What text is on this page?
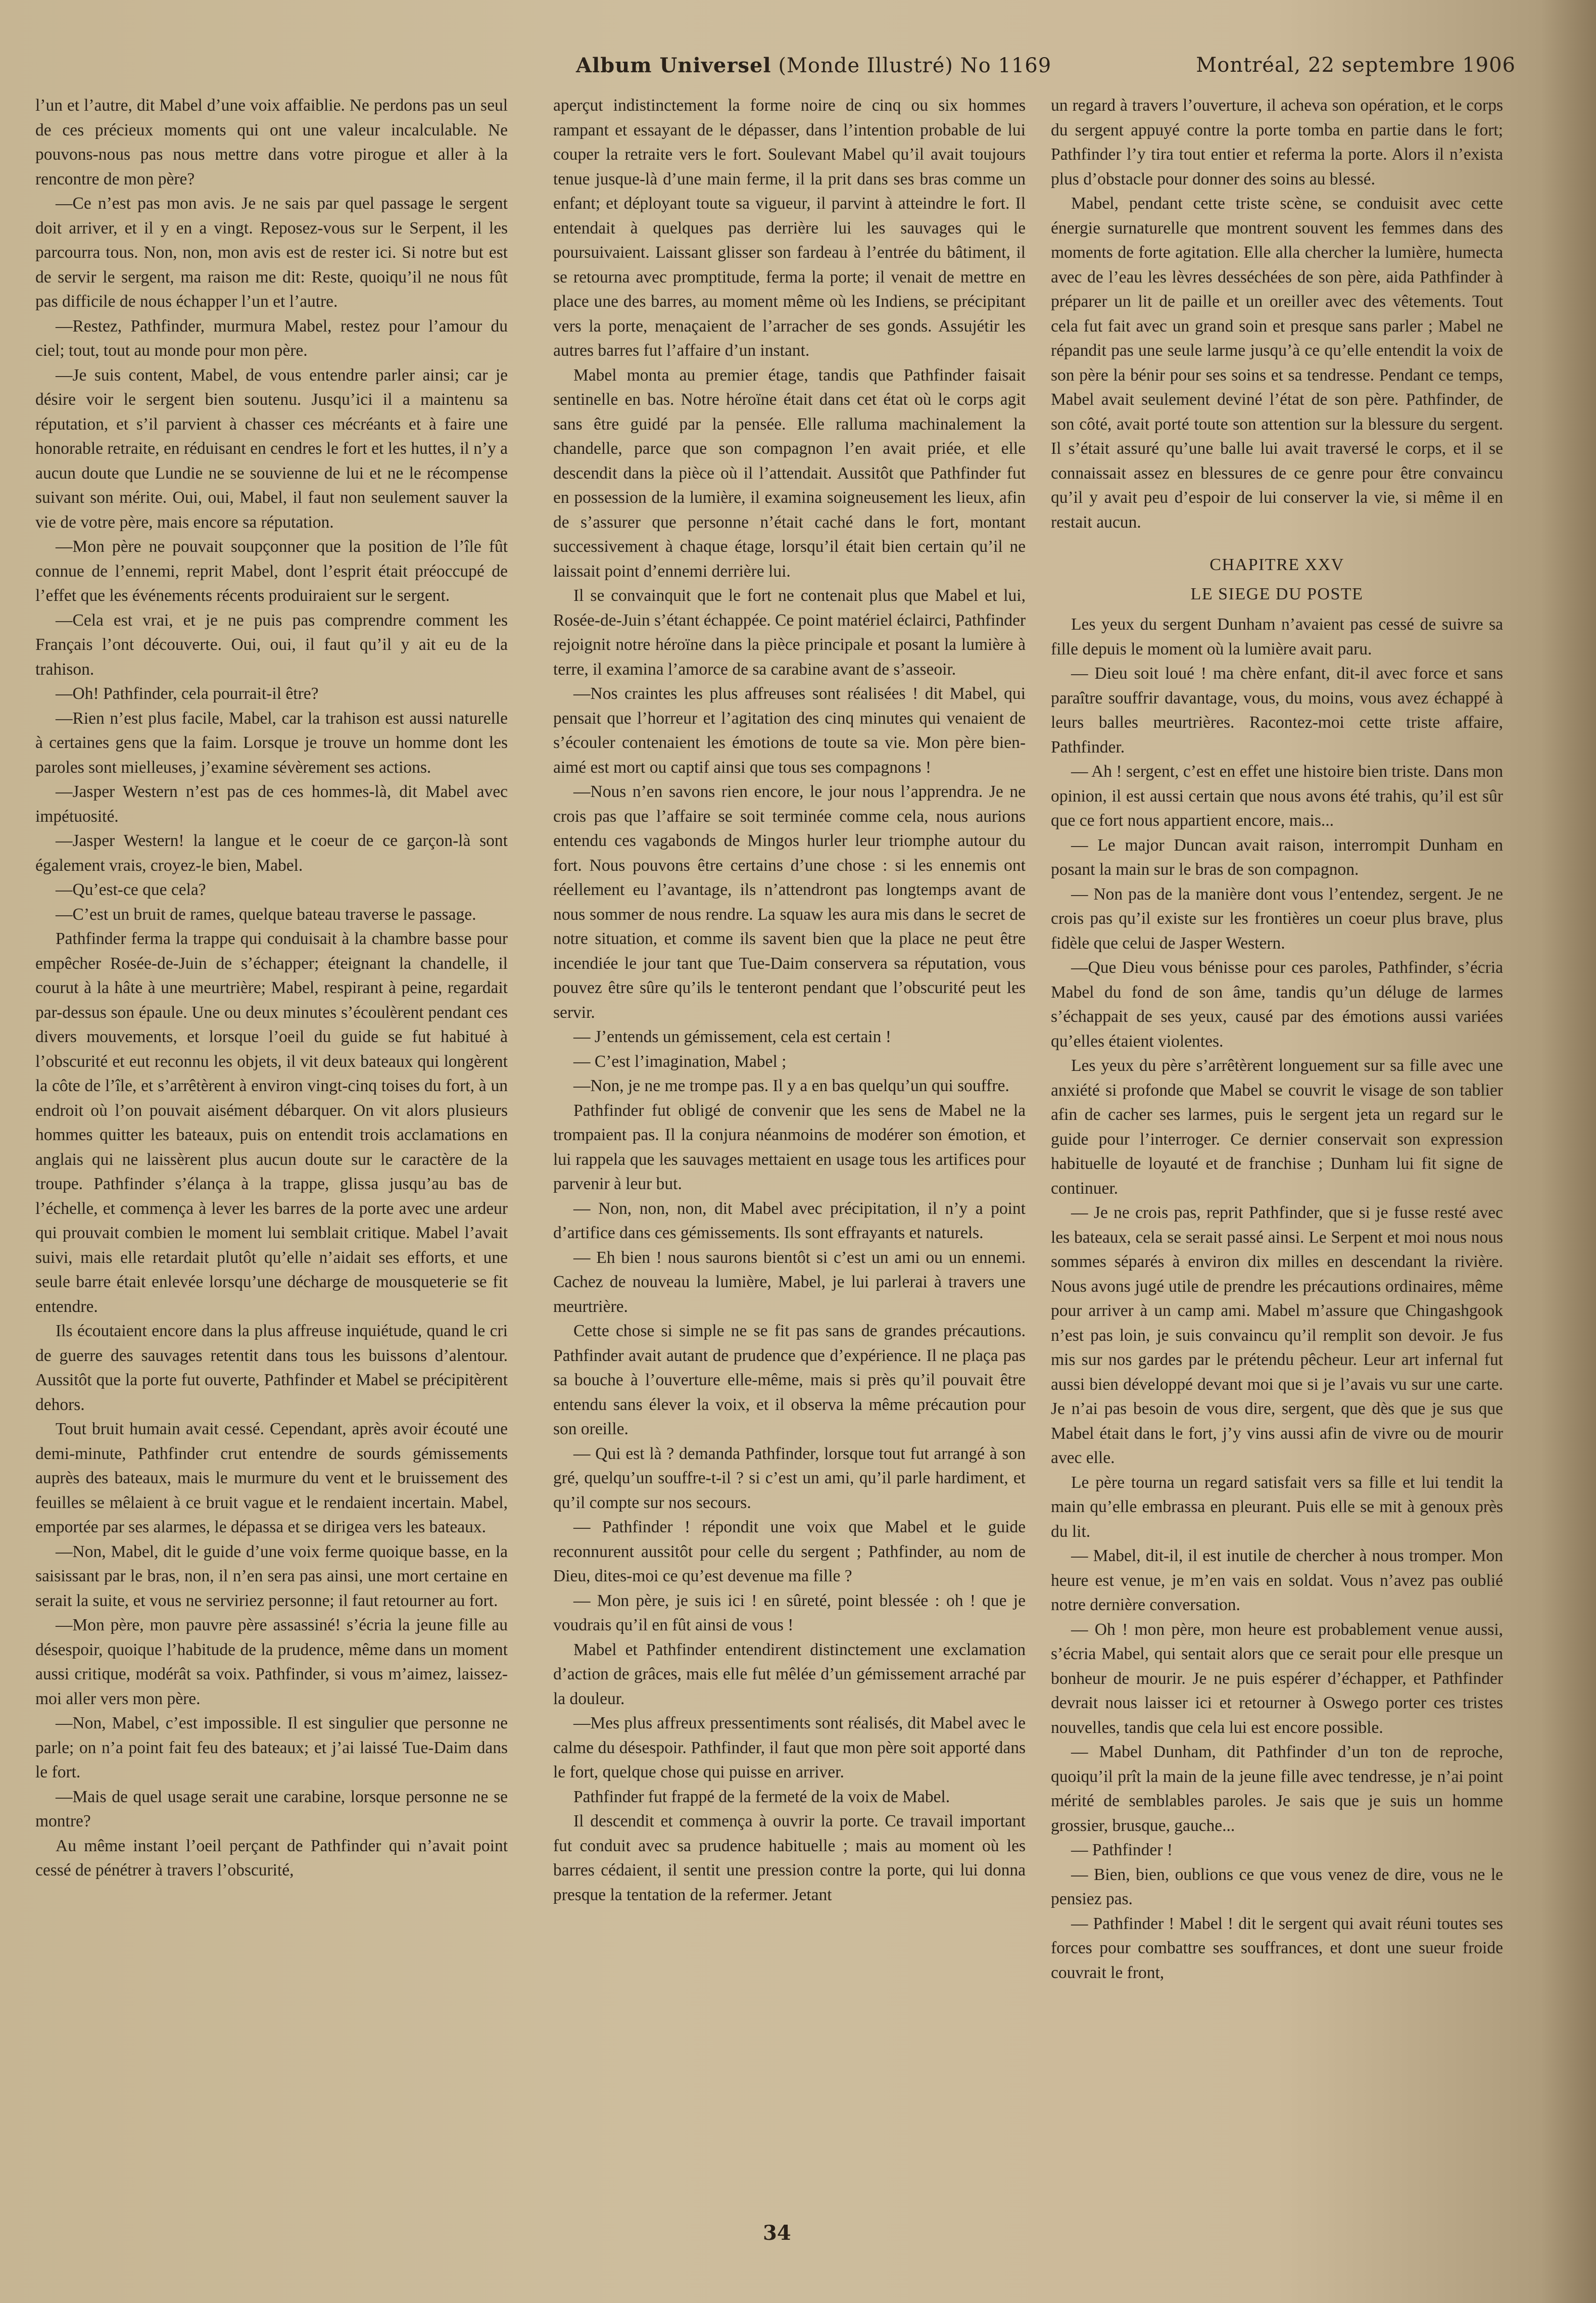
Album Universel (Monde Illustré) No 1169	Montréal, 22 septembre 1906

l’un et l’autre, dit Mabel d’une voix affaiblie. Ne perdons pas un seul de ces précieux moments qui ont une valeur incalculable. Ne pouvons-nous pas nous mettre dans votre pirogue et aller à la rencontre de mon père?

—Ce n’est pas mon avis. Je ne sais par quel passage le sergent doit arriver, et il y en a vingt. Reposez-vous sur le Serpent, il les parcourra tous. Non, non, mon avis est de rester ici. Si notre but est de servir le sergent, ma raison me dit: Reste, quoiqu’il ne nous fût pas difficile de nous échapper l’un et l’autre.

—Restez, Pathfinder, murmura Mabel, restez pour l’amour du ciel; tout, tout au monde pour mon père.

—Je suis content, Mabel, de vous entendre parler ainsi; car je désire voir le sergent bien soutenu. Jusqu’ici il a maintenu sa réputation, et s’il parvient à chasser ces mécréants et à faire une honorable retraite, en réduisant en cendres le fort et les huttes, il n’y a aucun doute que Lundie ne se souvienne de lui et ne le récompense suivant son mérite. Oui, oui, Mabel, il faut non seulement sauver la vie de votre père, mais encore sa réputation.

—Mon père ne pouvait soupçonner que la position de l’île fût connue de l’ennemi, reprit Mabel, dont l’esprit était préoccupé de l’effet que les événements récents produiraient sur le sergent.

—Cela est vrai, et je ne puis pas comprendre comment les Français l’ont découverte. Oui, oui, il faut qu’il y ait eu de la trahison.

—Oh! Pathfinder, cela pourrait-il être?

—Rien n’est plus facile, Mabel, car la trahison est aussi naturelle à certaines gens que la faim. Lorsque je trouve un homme dont les paroles sont mielleuses, j’examine sévèrement ses actions.

—Jasper Western n’est pas de ces hommes-là, dit Mabel avec impétuosité.

—Jasper Western! la langue et le coeur de ce garçon-là sont également vrais, croyez-le bien, Mabel.

—Qu’est-ce que cela?

—C’est un bruit de rames, quelque bateau traverse le passage.

Pathfinder ferma la trappe qui conduisait à la chambre basse pour empêcher Rosée-de-Juin de s’échapper; éteignant la chandelle, il courut à la hâte à une meurtrière; Mabel, respirant à peine, regardait par-dessus son épaule. Une ou deux minutes s’écoulèrent pendant ces divers mouvements, et lorsque l’oeil du guide se fut habitué à l’obscurité et eut reconnu les objets, il vit deux bateaux qui longèrent la côte de l’île, et s’arrêtèrent à environ vingt-cinq toises du fort, à un endroit où l’on pouvait aisément débarquer. On vit alors plusieurs hommes quitter les bateaux, puis on entendit trois acclamations en anglais qui ne laissèrent plus aucun doute sur le caractère de la troupe. Pathfinder s’élança à la trappe, glissa jusqu’au bas de l’échelle, et commença à lever les barres de la porte avec une ardeur qui prouvait combien le moment lui semblait critique. Mabel l’avait suivi, mais elle retardait plutôt qu’elle n’aidait ses efforts, et une seule barre était enlevée lorsqu’une décharge de mousqueterie se fit entendre.

Ils écoutaient encore dans la plus affreuse inquiétude, quand le cri de guerre des sauvages retentit dans tous les buissons d’alentour. Aussitôt que la porte fut ouverte, Pathfinder et Mabel se précipitèrent dehors.

Tout bruit humain avait cessé. Cependant, après avoir écouté une demi-minute, Pathfinder crut entendre de sourds gémissements auprès des bateaux, mais le murmure du vent et le bruissement des feuilles se mêlaient à ce bruit vague et le rendaient incertain. Mabel, emportée par ses alarmes, le dépassa et se dirigea vers les bateaux.

—Non, Mabel, dit le guide d’une voix ferme quoique basse, en la saisissant par le bras, non, il n’en sera pas ainsi, une mort certaine en serait la suite, et vous ne serviriez personne; il faut retourner au fort.

—Mon père, mon pauvre père assassiné! s’écria la jeune fille au désespoir, quoique l’habitude de la prudence, même dans un moment aussi critique, modérât sa voix. Pathfinder, si vous m’aimez, laissez-moi aller vers mon père.

—Non, Mabel, c’est impossible. Il est singulier que personne ne parle; on n’a point fait feu des bateaux; et j’ai laissé Tue-Daim dans le fort.

—Mais de quel usage serait une carabine, lorsque personne ne se montre?

Au même instant l’oeil perçant de Pathfinder qui n’avait point cessé de pénétrer à travers l’obscurité,

aperçut indistinctement la forme noire de cinq ou six hommes rampant et essayant de le dépasser, dans l’intention probable de lui couper la retraite vers le fort. Soulevant Mabel qu’il avait toujours tenue jusque-là d’une main ferme, il la prit dans ses bras comme un enfant; et déployant toute sa vigueur, il parvint à atteindre le fort. Il entendait à quelques pas derrière lui les sauvages qui le poursuivaient. Laissant glisser son fardeau à l’entrée du bâtiment, il se retourna avec promptitude, ferma la porte; il venait de mettre en place une des barres, au moment même où les Indiens, se précipitant vers la porte, menaçaient de l’arracher de ses gonds. Assujétir les autres barres fut l’affaire d’un instant.

Mabel monta au premier étage, tandis que Pathfinder faisait sentinelle en bas. Notre héroïne était dans cet état où le corps agit sans être guidé par la pensée. Elle ralluma machinalement la chandelle, parce que son compagnon l’en avait priée, et elle descendit dans la pièce où il l’attendait. Aussitôt que Pathfinder fut en possession de la lumière, il examina soigneusement les lieux, afin de s’assurer que personne n’était caché dans le fort, montant successivement à chaque étage, lorsqu’il était bien certain qu’il ne laissait point d’ennemi derrière lui.

Il se convainquit que le fort ne contenait plus que Mabel et lui, Rosée-de-Juin s’étant échappée. Ce point matériel éclairci, Pathfinder rejoignit notre héroïne dans la pièce principale et posant la lumière à terre, il examina l’amorce de sa carabine avant de s’asseoir.

—Nos craintes les plus affreuses sont réalisées ! dit Mabel, qui pensait que l’horreur et l’agitation des cinq minutes qui venaient de s’écouler contenaient les émotions de toute sa vie. Mon père bien-aimé est mort ou captif ainsi que tous ses compagnons !

—Nous n’en savons rien encore, le jour nous l’apprendra. Je ne crois pas que l’affaire se soit terminée comme cela, nous aurions entendu ces vagabonds de Mingos hurler leur triomphe autour du fort. Nous pouvons être certains d’une chose : si les ennemis ont réellement eu l’avantage, ils n’attendront pas longtemps avant de nous sommer de nous rendre. La squaw les aura mis dans le secret de notre situation, et comme ils savent bien que la place ne peut être incendiée le jour tant que Tue-Daim conservera sa réputation, vous pouvez être sûre qu’ils le tenteront pendant que l’obscurité peut les servir.

— J’entends un gémissement, cela est certain !

— C’est l’imagination, Mabel ;

—Non, je ne me trompe pas. Il y a en bas quelqu’un qui souffre.

Pathfinder fut obligé de convenir que les sens de Mabel ne la trompaient pas. Il la conjura néanmoins de modérer son émotion, et lui rappela que les sauvages mettaient en usage tous les artifices pour parvenir à leur but.

— Non, non, non, dit Mabel avec précipitation, il n’y a point d’artifice dans ces gémissements. Ils sont effrayants et naturels.

— Eh bien ! nous saurons bientôt si c’est un ami ou un ennemi. Cachez de nouveau la lumière, Mabel, je lui parlerai à travers une meurtrière.

Cette chose si simple ne se fit pas sans de grandes précautions. Pathfinder avait autant de prudence que d’expérience. Il ne plaça pas sa bouche à l’ouverture elle-même, mais si près qu’il pouvait être entendu sans élever la voix, et il observa la même précaution pour son oreille.

— Qui est là ? demanda Pathfinder, lorsque tout fut arrangé à son gré, quelqu’un souffre-t-il ? si c’est un ami, qu’il parle hardiment, et qu’il compte sur nos secours.

— Pathfinder ! répondit une voix que Mabel et le guide reconnurent aussitôt pour celle du sergent ; Pathfinder, au nom de Dieu, dites-moi ce qu’est devenue ma fille ?

— Mon père, je suis ici ! en sûreté, point blessée : oh ! que je voudrais qu’il en fût ainsi de vous !

Mabel et Pathfinder entendirent distinctement une exclamation d’action de grâces, mais elle fut mêlée d’un gémissement arraché par la douleur.

—Mes plus affreux pressentiments sont réalisés, dit Mabel avec le calme du désespoir. Pathfinder, il faut que mon père soit apporté dans le fort, quelque chose qui puisse en arriver.

Pathfinder fut frappé de la fermeté de la voix de Mabel.

Il descendit et commença à ouvrir la porte. Ce travail important fut conduit avec sa prudence habituelle ; mais au moment où les barres cédaient, il sentit une pression contre la porte, qui lui donna presque la tentation de la refermer. Jetant

un regard à travers l’ouverture, il acheva son opération, et le corps du sergent appuyé contre la porte tomba en partie dans le fort; Pathfinder l’y tira tout entier et referma la porte. Alors il n’exista plus d’obstacle pour donner des soins au blessé.

Mabel, pendant cette triste scène, se conduisit avec cette énergie surnaturelle que montrent souvent les femmes dans des moments de forte agitation. Elle alla chercher la lumière, humecta avec de l’eau les lèvres desséchées de son père, aida Pathfinder à préparer un lit de paille et un oreiller avec des vêtements. Tout cela fut fait avec un grand soin et presque sans parler ; Mabel ne répandit pas une seule larme jusqu’à ce qu’elle entendit la voix de son père la bénir pour ses soins et sa tendresse. Pendant ce temps, Mabel avait seulement deviné l’état de son père. Pathfinder, de son côté, avait porté toute son attention sur la blessure du sergent. Il s’était assuré qu’une balle lui avait traversé le corps, et il se connaissait assez en blessures de ce genre pour être convaincu qu’il y avait peu d’espoir de lui conserver la vie, si même il en restait aucun.

CHAPITRE XXV
LE SIEGE DU POSTE

Les yeux du sergent Dunham n’avaient pas cessé de suivre sa fille depuis le moment où la lumière avait paru.

— Dieu soit loué ! ma chère enfant, dit-il avec force et sans paraître souffrir davantage, vous, du moins, vous avez échappé à leurs balles meurtrières. Racontez-moi cette triste affaire, Pathfinder.

— Ah ! sergent, c’est en effet une histoire bien triste. Dans mon opinion, il est aussi certain que nous avons été trahis, qu’il est sûr que ce fort nous appartient encore, mais...

— Le major Duncan avait raison, interrompit Dunham en posant la main sur le bras de son compagnon.

— Non pas de la manière dont vous l’entendez, sergent. Je ne crois pas qu’il existe sur les frontières un coeur plus brave, plus fidèle que celui de Jasper Western.

—Que Dieu vous bénisse pour ces paroles, Pathfinder, s’écria Mabel du fond de son âme, tandis qu’un déluge de larmes s’échappait de ses yeux, causé par des émotions aussi variées qu’elles étaient violentes.

Les yeux du père s’arrêtèrent longuement sur sa fille avec une anxiété si profonde que Mabel se couvrit le visage de son tablier afin de cacher ses larmes, puis le sergent jeta un regard sur le guide pour l’interroger. Ce dernier conservait son expression habituelle de loyauté et de franchise ; Dunham lui fit signe de continuer.

— Je ne crois pas, reprit Pathfinder, que si je fusse resté avec les bateaux, cela se serait passé ainsi. Le Serpent et moi nous nous sommes séparés à environ dix milles en descendant la rivière. Nous avons jugé utile de prendre les précautions ordinaires, même pour arriver à un camp ami. Mabel m’assure que Chingashgook n’est pas loin, je suis convaincu qu’il remplit son devoir. Je fus mis sur nos gardes par le prétendu pêcheur. Leur art infernal fut aussi bien développé devant moi que si je l’avais vu sur une carte. Je n’ai pas besoin de vous dire, sergent, que dès que je sus que Mabel était dans le fort, j’y vins aussi afin de vivre ou de mourir avec elle.

Le père tourna un regard satisfait vers sa fille et lui tendit la main qu’elle embrassa en pleurant. Puis elle se mit à genoux près du lit.

— Mabel, dit-il, il est inutile de chercher à nous tromper. Mon heure est venue, je m’en vais en soldat. Vous n’avez pas oublié notre dernière conversation.

— Oh ! mon père, mon heure est probablement venue aussi, s’écria Mabel, qui sentait alors que ce serait pour elle presque un bonheur de mourir. Je ne puis espérer d’échapper, et Pathfinder devrait nous laisser ici et retourner à Oswego porter ces tristes nouvelles, tandis que cela lui est encore possible.

— Mabel Dunham, dit Pathfinder d’un ton de reproche, quoiqu’il prît la main de la jeune fille avec tendresse, je n’ai point mérité de semblables paroles. Je sais que je suis un homme grossier, brusque, gauche...

— Pathfinder !

— Bien, bien, oublions ce que vous venez de dire, vous ne le pensiez pas.

— Pathfinder ! Mabel ! dit le sergent qui avait réuni toutes ses forces pour combattre ses souffrances, et dont une sueur froide couvrait le front,

34
